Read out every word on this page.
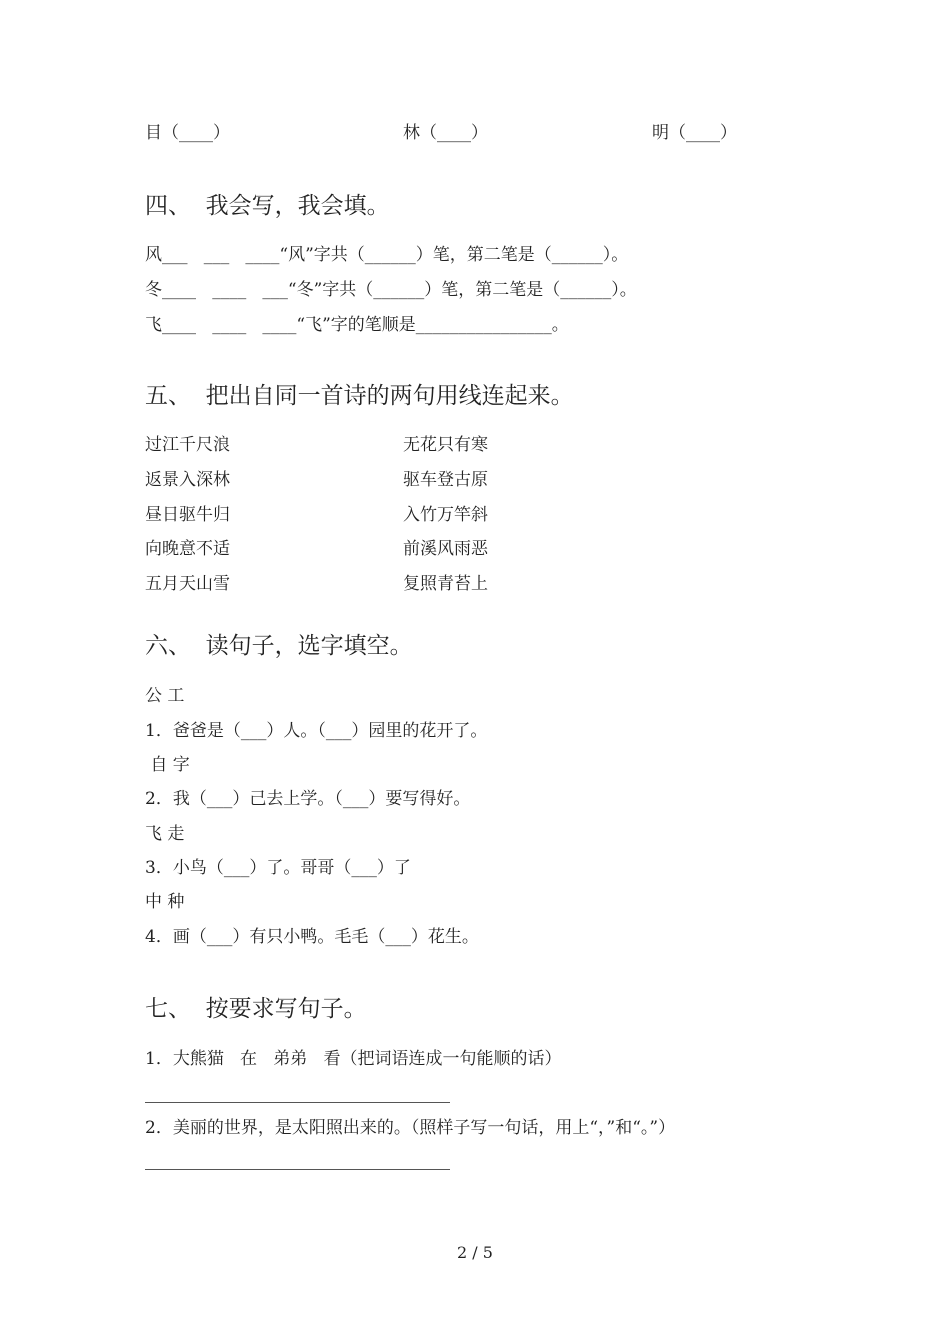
目（____）	林（____）	明（____）
四、  我会写，我会填。
风___   ___   ____“风”字共（______）笔，第二笔是（______）。
冬____   ____   ___“冬”字共（______）笔，第二笔是（______）。
飞____   ____   ____“飞”字的笔顺是________________。
五、  把出自同一首诗的两句用线连起来。
过江千尺浪	无花只有寒
返景入深林	驱车登古原
昼日驱牛归	入竹万竿斜
向晚意不适	前溪风雨恶
五月天山雪	复照青苔上
六、  读句子，选字填空。
公 工
1．爸爸是（___）人。（___）园里的花开了。
自 字
2．我（___）己去上学。（___）要写得好。
飞 走
3．小鸟（___）了。哥哥（___）了
中 种
4．画（___）有只小鸭。毛毛（___）花生。
七、  按要求写句子。
1．大熊猫   在   弟弟   看（把词语连成一句能顺的话）
2．美丽的世界，是太阳照出来的。（照样子写一句话，用上“，”和“。”）
2 / 5
